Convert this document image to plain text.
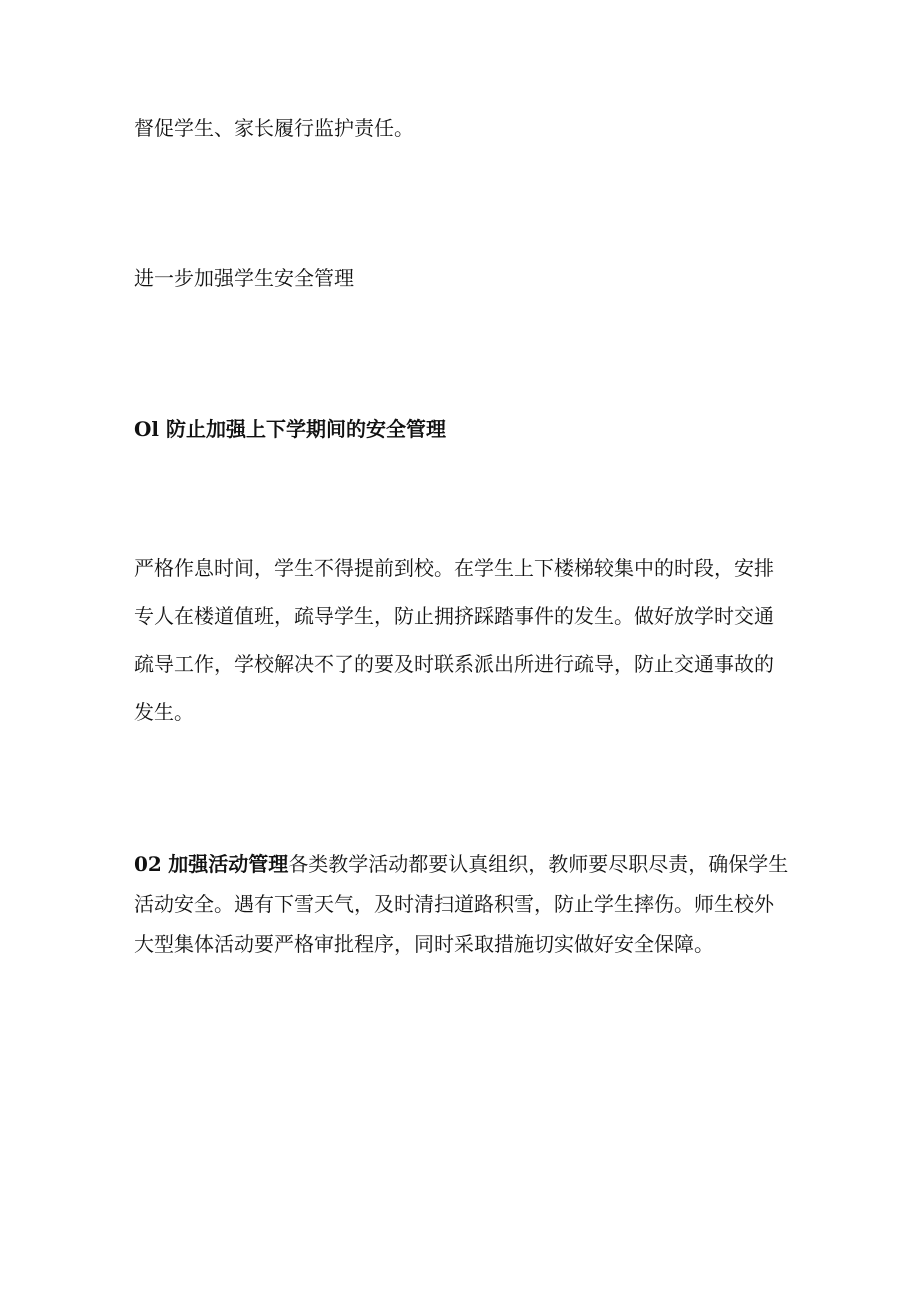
督促学生、家长履行监护责任。

进一步加强学生安全管理

Ol 防止加强上下学期间的安全管理

严格作息时间，学生不得提前到校。在学生上下楼梯较集中的时段，安排
专人在楼道值班，疏导学生，防止拥挤踩踏事件的发生。做好放学时交通
疏导工作，学校解决不了的要及时联系派出所进行疏导，防止交通事故的
发生。
02 加强活动管理各类教学活动都要认真组织，教师要尽职尽责，确保学生
活动安全。遇有下雪天气，及时清扫道路积雪，防止学生摔伤。师生校外
大型集体活动要严格审批程序，同时采取措施切实做好安全保障。
